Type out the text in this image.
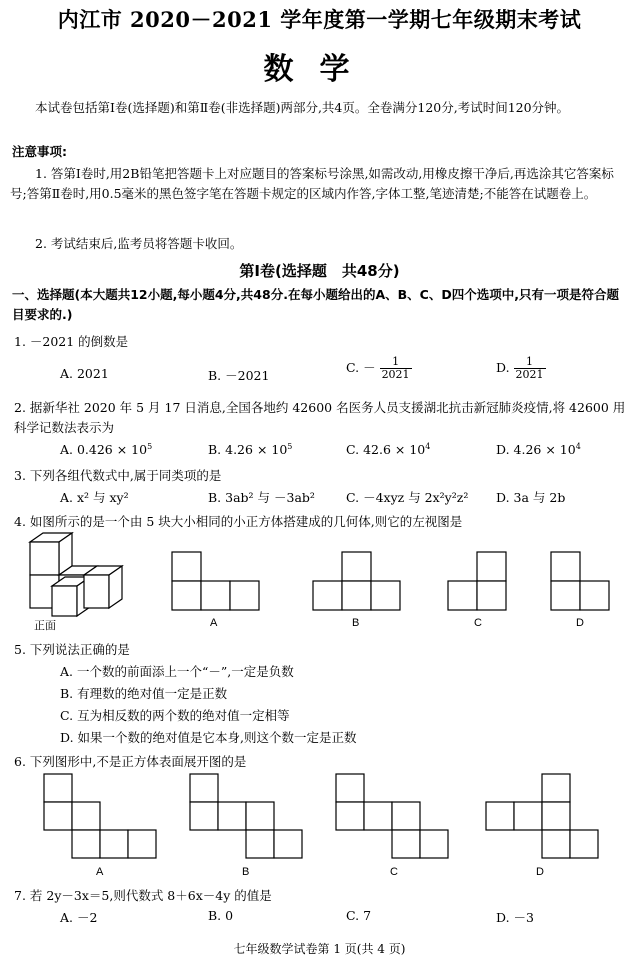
内江市 2020－2021 学年度第一学期七年级期末考试
数学
本试卷包括第Ⅰ卷(选择题)和第Ⅱ卷(非选择题)两部分,共4页。全卷满分120分,考试时间120分钟。
注意事项:
1. 答第Ⅰ卷时,用2B铅笔把答题卡上对应题目的答案标号涂黑,如需改动,用橡皮擦干净后,再选涂其它答案标号;答第Ⅱ卷时,用0.5毫米的黑色签字笔在答题卡规定的区域内作答,字体工整,笔迹清楚;不能答在试题卷上。
2. 考试结束后,监考员将答题卡收回。
第Ⅰ卷(选择题　共48分)
一、选择题(本大题共12小题,每小题4分,共48分.在每小题给出的A、B、C、D四个选项中,只有一项是符合题目要求的.)
1. －2021 的倒数是
A. 2021	B. －2021
C. － $\frac{1}{2021}$	D. $\frac{1}{2021}$
2. 据新华社 2020 年 5 月 17 日消息,全国各地约 42600 名医务人员支援湖北抗击新冠肺炎疫情,将 42600 用科学记数法表示为
A. $0.426 \times 10^5$	B. $4.26 \times 10^5$	C. $42.6 \times 10^4$	D. $4.26 \times 10^4$
3. 下列各组代数式中,属于同类项的是
A. x² 与 xy²	B. 3ab² 与 －3ab² C. －4xyz 与 2x²y²z² D. 3a 与 2b
4. 如图所示的是一个由 5 块大小相同的小正方体搭建成的几何体,则它的左视图是
正面	A	B	C	D
5. 下列说法正确的是
A. 一个数的前面添上一个“－”,一定是负数
B. 有理数的绝对值一定是正数
C. 互为相反数的两个数的绝对值一定相等
D. 如果一个数的绝对值是它本身,则这个数一定是正数
6. 下列图形中,不是正方体表面展开图的是
A	B	C	D
7. 若 2y－3x＝5,则代数式 8＋6x－4y 的值是
A. －2	B. 0	C. 7	D. －3
七年级数学试卷第 1 页(共 4 页)
